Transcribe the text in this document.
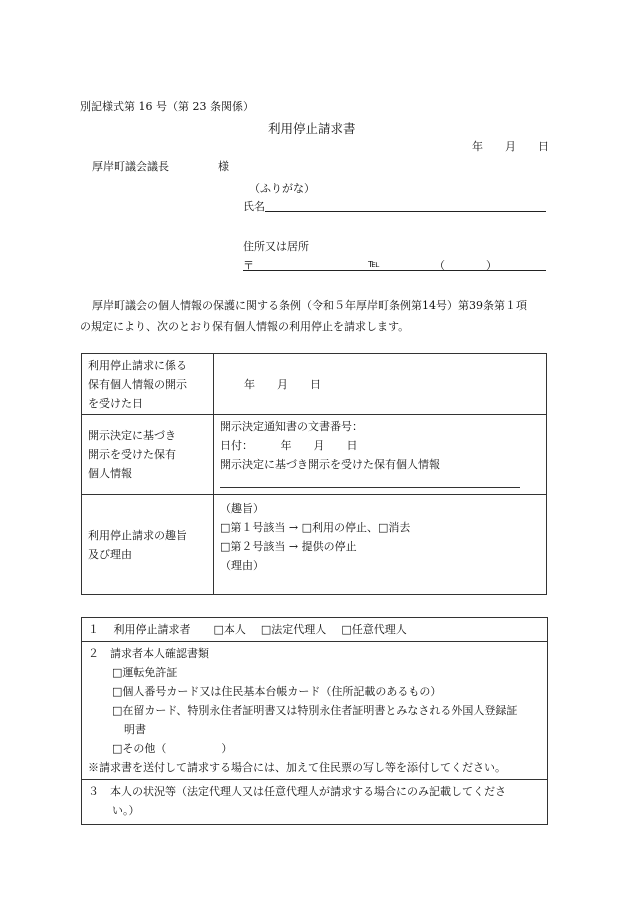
別記様式第 16 号（第 23 条関係）
利用停止請求書
年　　月　　日
厚岸町議会議長	様
（ふりがな）
氏名
住所又は居所
〒	℡	（	）
厚岸町議会の個人情報の保護に関する条例（令和５年厚岸町条例第14号）第39条第１項
の規定により、次のとおり保有個人情報の利用停止を請求します。
利用停止請求に係る
保有個人情報の開示
を受けた日	年　　月　　日

開示決定に基づき
開示を受けた保有
個人情報	開示決定通知書の文書番号：
日付：　　　年　　月　　日
開示決定に基づき開示を受けた保有個人情報

利用停止請求の趣旨
及び理由	（趣旨）
□第１号該当 → □利用の停止、□消去
□第２号該当 → 提供の停止
（理由）
１ 利用停止請求者 □本人 □法定代理人 □任意代理人
２ 請求者本人確認書類
□運転免許証
□個人番号カード又は住民基本台帳カード（住所記載のあるもの）
□在留カード、特別永住者証明書又は特別永住者証明書とみなされる外国人登録証
明書
□その他（　　　　　）
※請求書を送付して請求する場合には、加えて住民票の写し等を添付してください。
３ 本人の状況等（法定代理人又は任意代理人が請求する場合にのみ記載してくださ
い。）
